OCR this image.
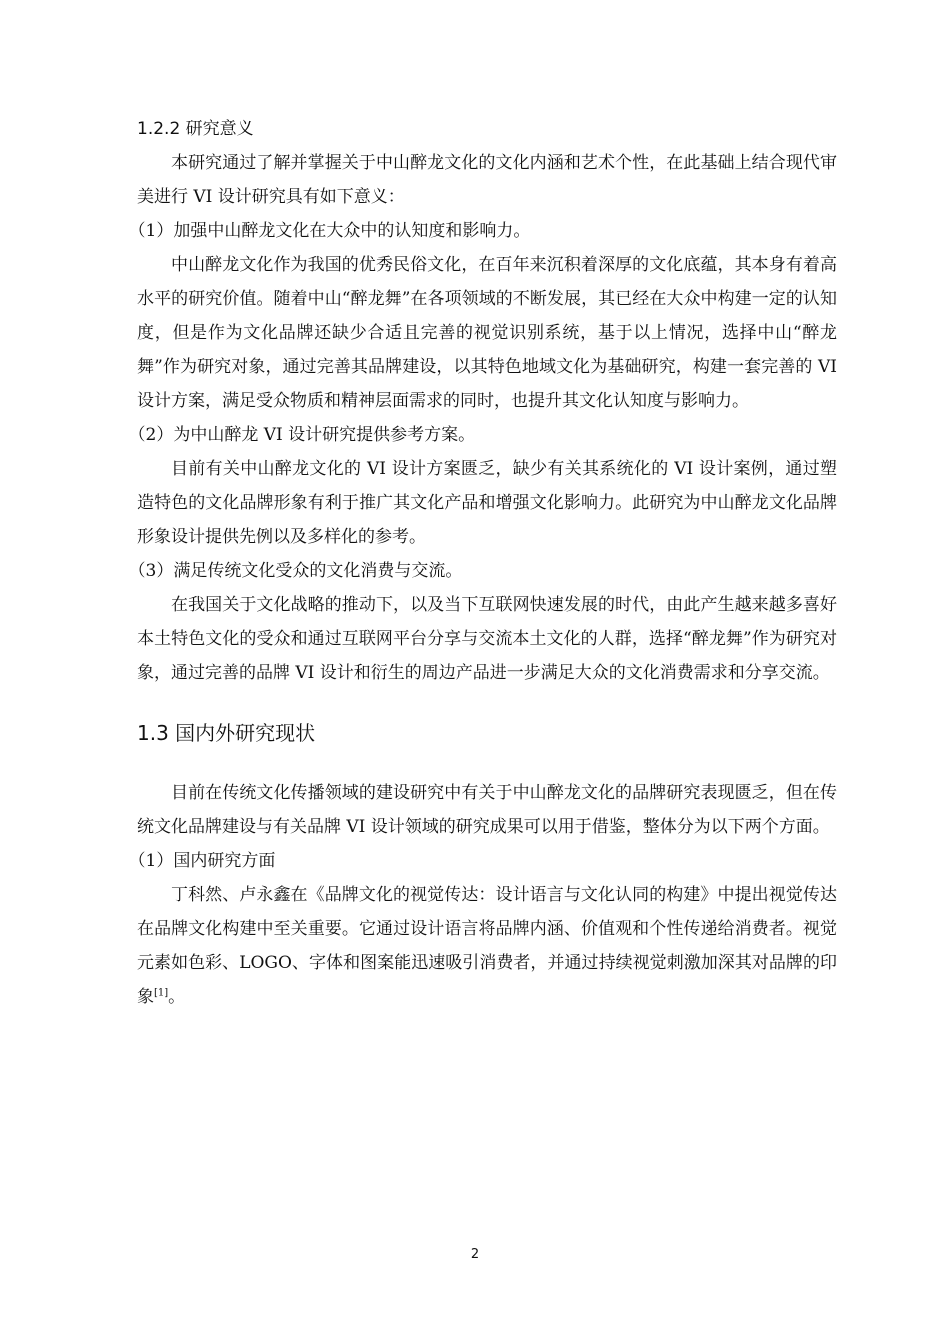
1.2.2 研究意义

本研究通过了解并掌握关于中山醉龙文化的文化内涵和艺术个性，在此基础上结合现代审美进行 VI 设计研究具有如下意义：

（1）加强中山醉龙文化在大众中的认知度和影响力。

中山醉龙文化作为我国的优秀民俗文化，在百年来沉积着深厚的文化底蕴，其本身有着高水平的研究价值。随着中山“醉龙舞”在各项领域的不断发展，其已经在大众中构建一定的认知度，但是作为文化品牌还缺少合适且完善的视觉识别系统，基于以上情况，选择中山“醉龙舞”作为研究对象，通过完善其品牌建设，以其特色地域文化为基础研究，构建一套完善的 VI 设计方案，满足受众物质和精神层面需求的同时，也提升其文化认知度与影响力。

（2）为中山醉龙 VI 设计研究提供参考方案。

目前有关中山醉龙文化的 VI 设计方案匮乏，缺少有关其系统化的 VI 设计案例，通过塑造特色的文化品牌形象有利于推广其文化产品和增强文化影响力。此研究为中山醉龙文化品牌形象设计提供先例以及多样化的参考。

（3）满足传统文化受众的文化消费与交流。

在我国关于文化战略的推动下，以及当下互联网快速发展的时代，由此产生越来越多喜好本土特色文化的受众和通过互联网平台分享与交流本土文化的人群，选择“醉龙舞”作为研究对象，通过完善的品牌 VI 设计和衍生的周边产品进一步满足大众的文化消费需求和分享交流。

1.3 国内外研究现状

目前在传统文化传播领域的建设研究中有关于中山醉龙文化的品牌研究表现匮乏，但在传统文化品牌建设与有关品牌 VI 设计领域的研究成果可以用于借鉴，整体分为以下两个方面。

（1）国内研究方面

丁科然、卢永鑫在《品牌文化的视觉传达：设计语言与文化认同的构建》中提出视觉传达在品牌文化构建中至关重要。它通过设计语言将品牌内涵、价值观和个性传递给消费者。视觉元素如色彩、LOGO、字体和图案能迅速吸引消费者，并通过持续视觉刺激加深其对品牌的印象[1]。

2
